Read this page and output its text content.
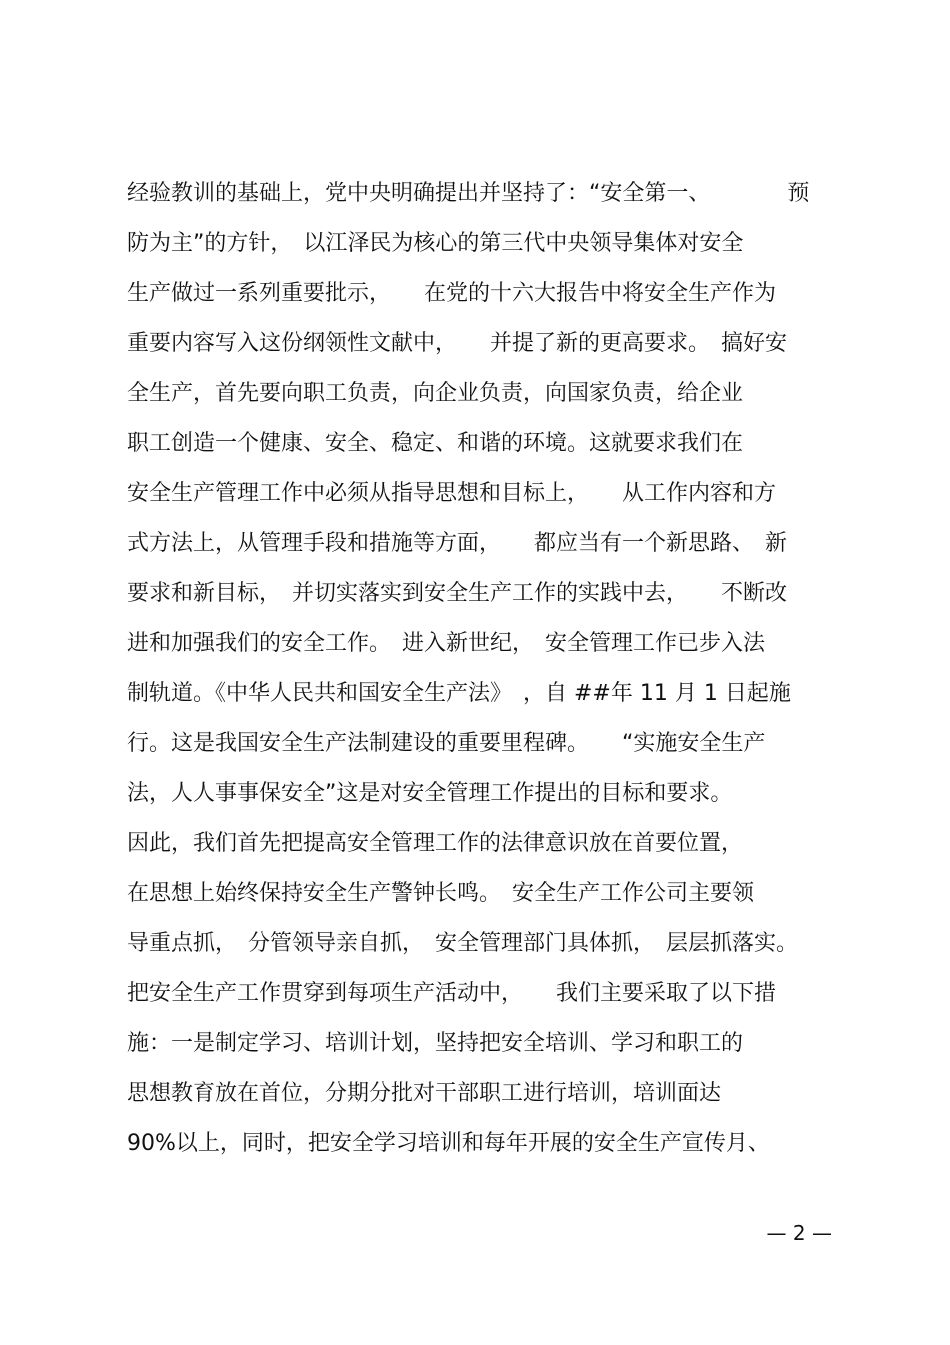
经验教训的基础上，党中央明确提出并坚持了：“安全第一、　　　　预
防为主”的方针，　以江泽民为核心的第三代中央领导集体对安全
生产做过一系列重要批示，　　在党的十六大报告中将安全生产作为
重要内容写入这份纲领性文献中，　　并提了新的更高要求。　搞好安
全生产，首先要向职工负责，向企业负责，向国家负责，给企业
职工创造一个健康、安全、稳定、和谐的环境。这就要求我们在
安全生产管理工作中必须从指导思想和目标上，　　从工作内容和方
式方法上，从管理手段和措施等方面，　　都应当有一个新思路、　新
要求和新目标，　并切实落实到安全生产工作的实践中去，　　不断改
进和加强我们的安全工作。　进入新世纪，　安全管理工作已步入法
制轨道。《中华人民共和国安全生产法》　，自 ##年 11 月 1 日起施
行。这是我国安全生产法制建设的重要里程碑。　　“实施安全生产
法，人人事事保安全”这是对安全管理工作提出的目标和要求。
因此，我们首先把提高安全管理工作的法律意识放在首要位置，
在思想上始终保持安全生产警钟长鸣。　安全生产工作公司主要领
导重点抓，　分管领导亲自抓，　安全管理部门具体抓，　层层抓落实。
把安全生产工作贯穿到每项生产活动中，　　我们主要采取了以下措
施：一是制定学习、培训计划，坚持把安全培训、学习和职工的
思想教育放在首位，分期分批对干部职工进行培训，培训面达
90%以上，同时，把安全学习培训和每年开展的安全生产宣传月、
— 2 —
